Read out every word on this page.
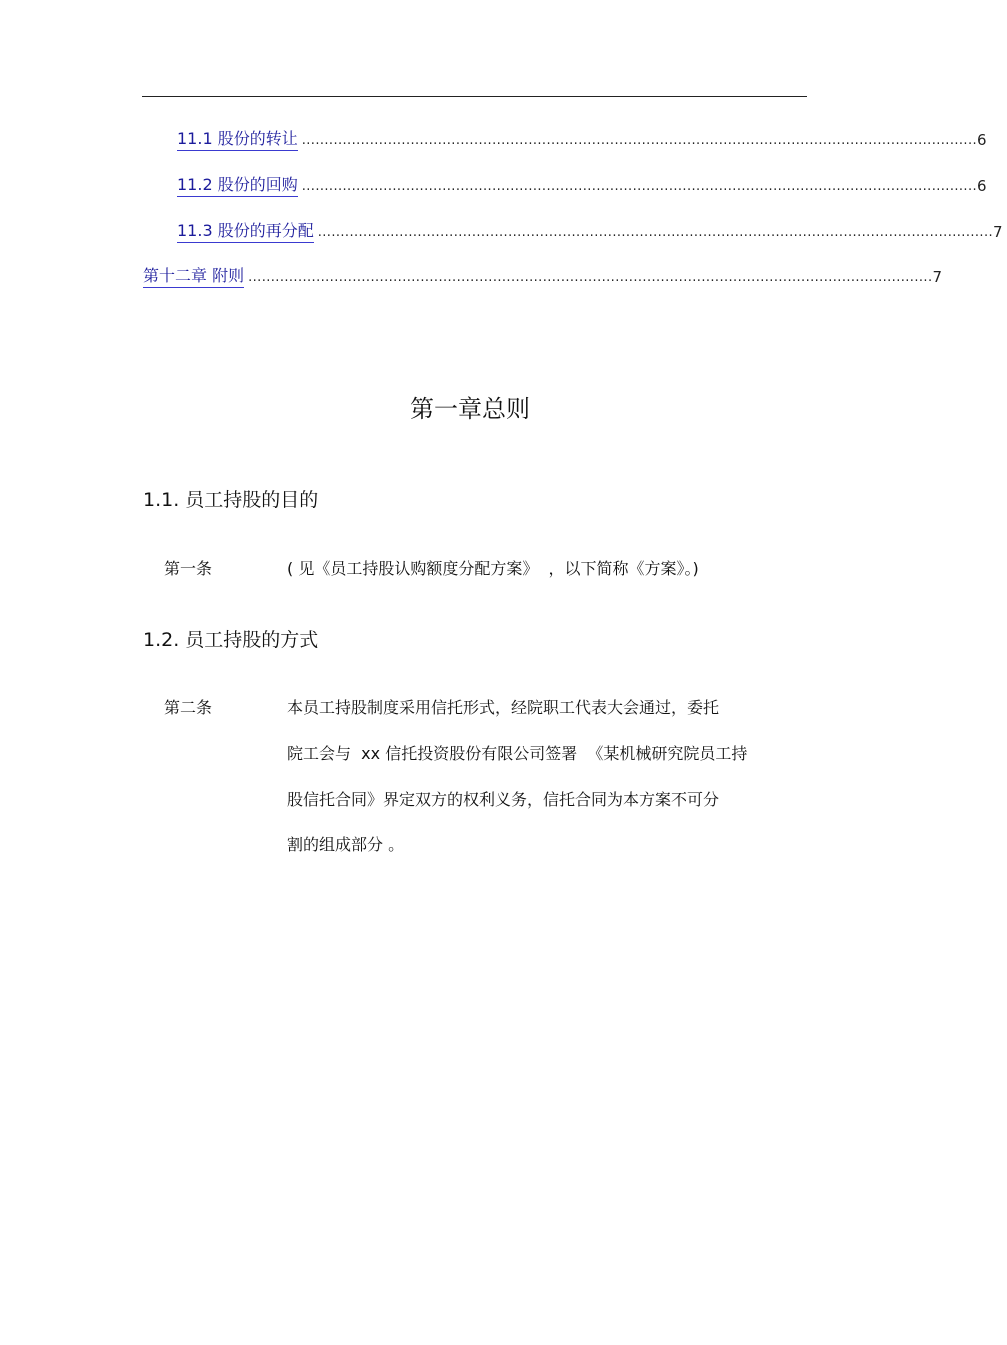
11.1 股份的转让 ..................................................................................................................................................... 6
11.2 股份的回购 ..................................................................................................................................................... 6
11.3 股份的再分配 ..................................................................................................................................................... 7
第十二章 附则 ....................................................................................................................................................... 7
第一章总则
1.1. 员工持股的目的
第一条	( 见《员工持股认购额度分配方案》  ，以下简称《方案》。)
1.2. 员工持股的方式
第二条	本员工持股制度采用信托形式，经院职工代表大会通过，委托
院工会与  xx 信托投资股份有限公司签署  《某机械研究院员工持
股信托合同》界定双方的权利义务，信托合同为本方案不可分
割的组成部分 。
